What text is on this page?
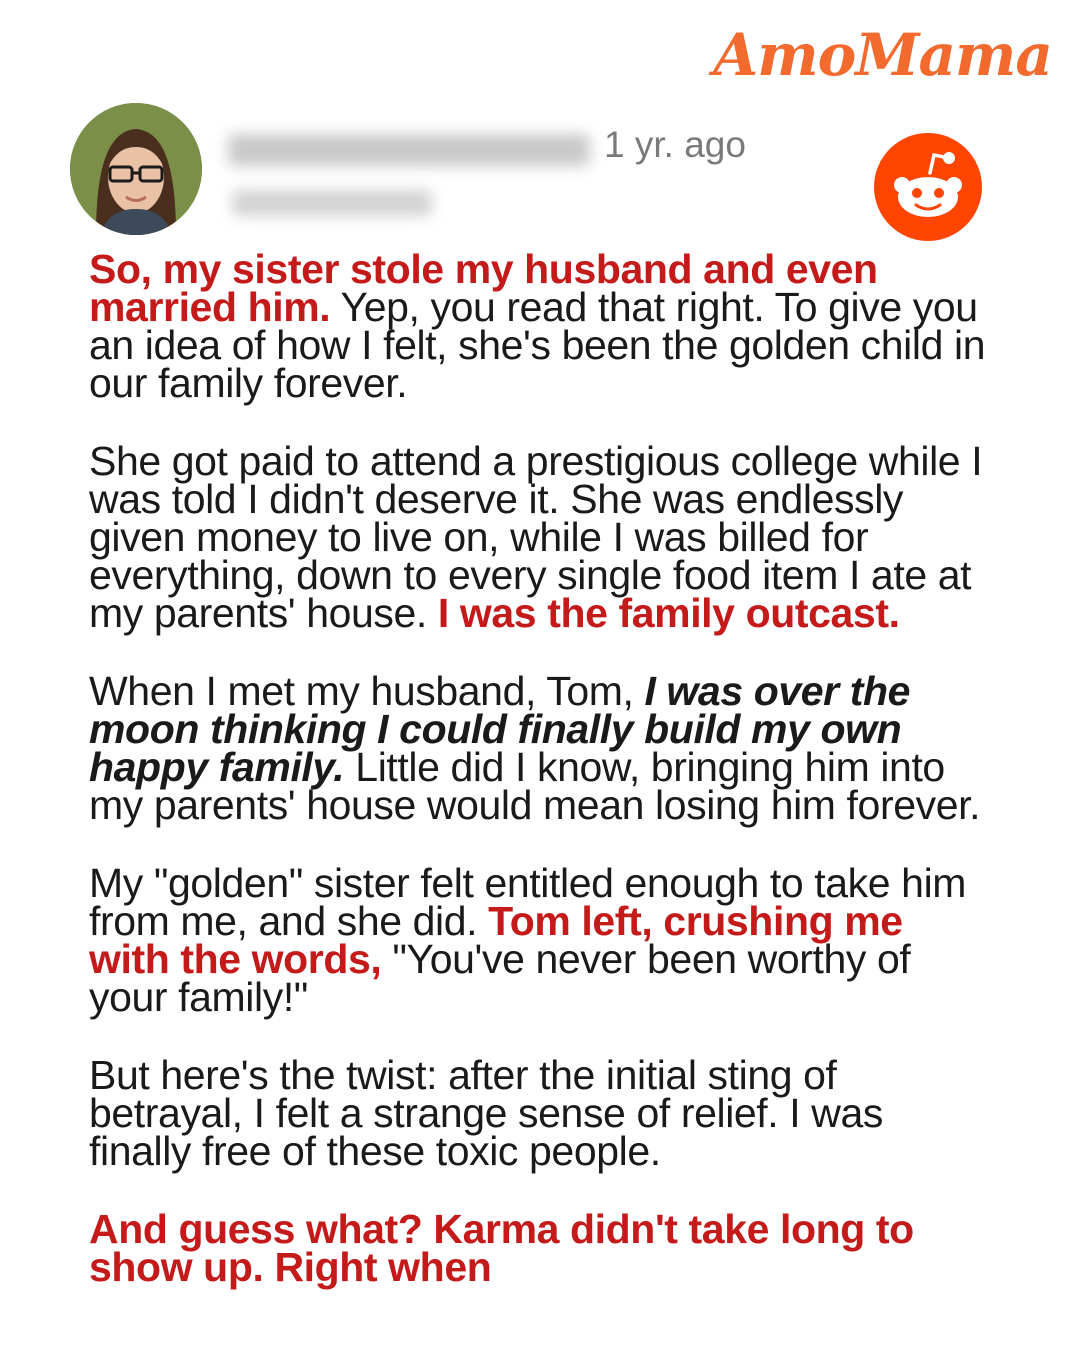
AmoMama
1 yr. ago

So, my sister stole my husband and even married him. Yep, you read that right. To give you an idea of how I felt, she's been the golden child in our family forever.

She got paid to attend a prestigious college while I was told I didn't deserve it. She was endlessly given money to live on, while I was billed for everything, down to every single food item I ate at my parents' house. I was the family outcast.

When I met my husband, Tom, I was over the moon thinking I could finally build my own happy family. Little did I know, bringing him into my parents' house would mean losing him forever.

My "golden" sister felt entitled enough to take him from me, and she did. Tom left, crushing me with the words, "You've never been worthy of your family!"

But here's the twist: after the initial sting of betrayal, I felt a strange sense of relief. I was finally free of these toxic people.

And guess what? Karma didn't take long to show up. Right when
